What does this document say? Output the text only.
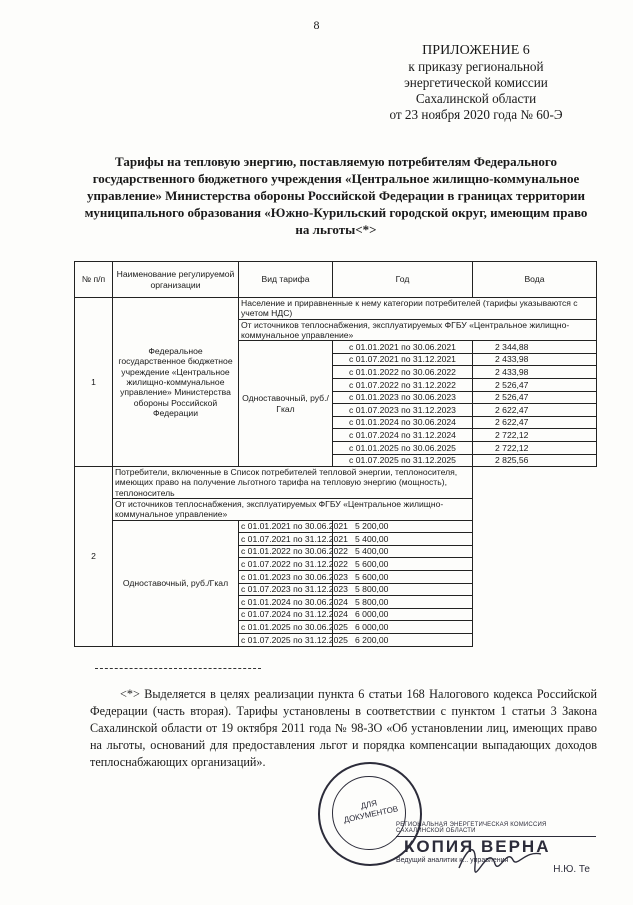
8
ПРИЛОЖЕНИЕ 6
к приказу региональной
энергетической комиссии
Сахалинской области
от 23 ноября 2020 года № 60-Э
Тарифы на тепловую энергию, поставляемую потребителям Федерального государственного бюджетного учреждения «Центральное жилищно-коммунальное управление» Министерства обороны Российской Федерации в границах территории муниципального образования «Южно-Курильский городской округ, имеющим право на льготы<*>
№ п/п	Наименование регулируемой организации	Вид тарифа	Год	Вода
1	Федеральное государственное бюджетное учреждение «Центральное жилищно-коммунальное управление» Министерства обороны Российской Федерации	Население и приравненные к нему категории потребителей (тарифы указываются с учетом НДС)		
		От источников теплоснабжения, эксплуатируемых ФГБУ «Центральное жилищно-коммунальное управление»		
		Одноставочный, руб./Гкал	с 01.01.2021 по 30.06.2021	2 344,88
			с 01.07.2021 по 31.12.2021	2 433,98
			с 01.01.2022 по 30.06.2022	2 433,98
			с 01.07.2022 по 31.12.2022	2 526,47
			с 01.01.2023 по 30.06.2023	2 526,47
			с 01.07.2023 по 31.12.2023	2 622,47
			с 01.01.2024 по 30.06.2024	2 622,47
			с 01.07.2024 по 31.12.2024	2 722,12
			с 01.01.2025 по 30.06.2025	2 722,12
			с 01.07.2025 по 31.12.2025	2 825,56
2	Потребители, включенные в Список потребителей тепловой энергии, теплоносителя, имеющих право на получение льготного тарифа на тепловую энергию (мощность), теплоноситель			
	От источников теплоснабжения, эксплуатируемых ФГБУ «Центральное жилищно-коммунальное управление»			
	Одноставочный, руб./Гкал	с 01.01.2021 по 30.06.2021	5 200,00	
		с 01.07.2021 по 31.12.2021	5 400,00	
		с 01.01.2022 по 30.06.2022	5 400,00	
		с 01.07.2022 по 31.12.2022	5 600,00	
		с 01.01.2023 по 30.06.2023	5 600,00	
		с 01.07.2023 по 31.12.2023	5 800,00	
		с 01.01.2024 по 30.06.2024	5 800,00	
		с 01.07.2024 по 31.12.2024	6 000,00	
		с 01.01.2025 по 30.06.2025	6 000,00	
		с 01.07.2025 по 31.12.2025	6 200,00	
<*> Выделяется в целях реализации пункта 6 статьи 168 Налогового кодекса Российской Федерации (часть вторая). Тарифы установлены в соответствии с пунктом 1 статьи 3 Закона Сахалинской области от 19 октября 2011 года № 98-ЗО «Об установлении лиц, имеющих право на льготы, оснований для предоставления льгот и порядка компенсации выпадающих доходов теплоснабжающих организаций».
ДЛЯ ДОКУМЕНТОВ
РЕГИОНАЛЬНАЯ ЭНЕРГЕТИЧЕСКАЯ КОМИССИЯ САХАЛИНСКОЙ ОБЛАСТИ
КОПИЯ ВЕРНА
Ведущий аналитик к... управления
Н.Ю. Те
